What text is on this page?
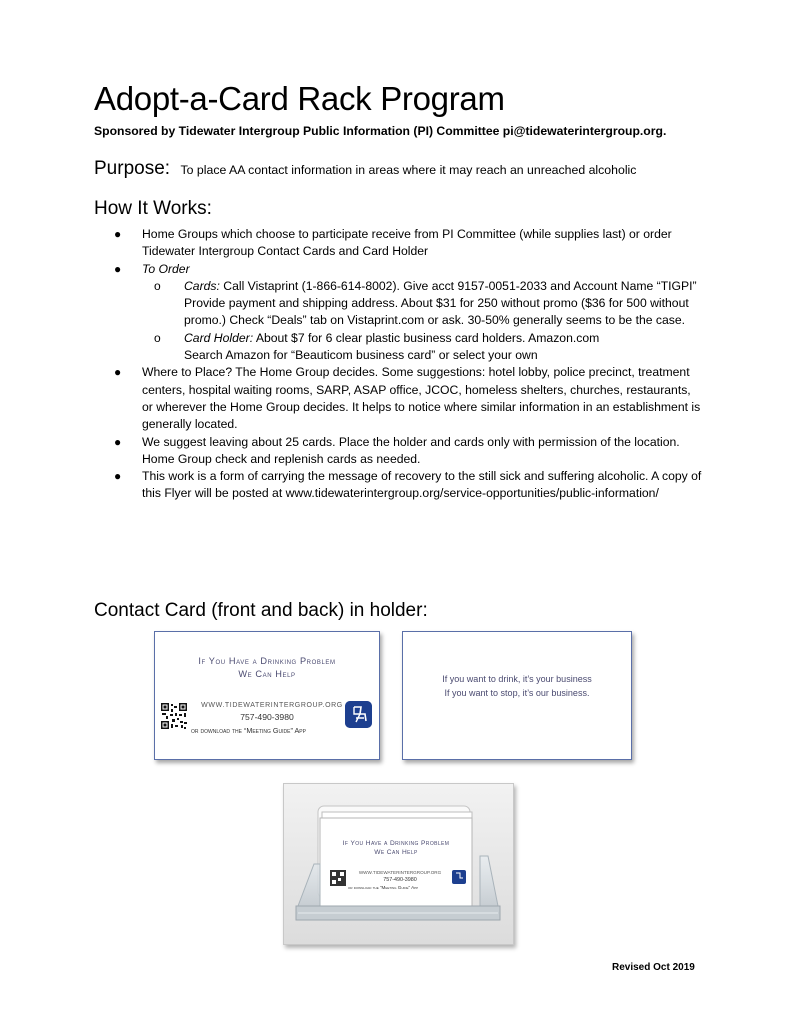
Adopt-a-Card Rack Program
Sponsored by Tidewater Intergroup Public Information (PI) Committee pi@tidewaterintergroup.org.
Purpose: To place AA contact information in areas where it may reach an unreached alcoholic
How It Works:
● Home Groups which choose to participate receive from PI Committee (while supplies last) or order Tidewater Intergroup Contact Cards and Card Holder
● To Order
o Cards: Call Vistaprint (1-866-614-8002). Give acct 9157-0051-2033 and Account Name “TIGPI”
Provide payment and shipping address. About $31 for 250 without promo ($36 for 500 without promo.) Check “Deals” tab on Vistaprint.com or ask. 30-50% generally seems to be the case.
o Card Holder: About $7 for 6 clear plastic business card holders. Amazon.com
Search Amazon for “Beauticom business card” or select your own
● Where to Place? The Home Group decides. Some suggestions: hotel lobby, police precinct, treatment centers, hospital waiting rooms, SARP, ASAP office, JCOC, homeless shelters, churches, restaurants, or wherever the Home Group decides. It helps to notice where similar information in an establishment is generally located.
● We suggest leaving about 25 cards. Place the holder and cards only with permission of the location. Home Group check and replenish cards as needed.
● This work is a form of carrying the message of recovery to the still sick and suffering alcoholic. A copy of this Flyer will be posted at www.tidewaterintergroup.org/service-opportunities/public-information/
Contact Card (front and back) in holder:
If You Have a Drinking Problem
We Can Help
WWW.TIDEWATERINTERGROUP.ORG
757-490-3980
or download the “Meeting Guide” App
If you want to drink, it’s your business
If you want to stop, it’s our business.
If You Have a Drinking Problem
We Can Help
WWW.TIDEWATERINTERGROUP.ORG
757-490-3980
or download the “Meeting Guide” App
Revised Oct 2019
